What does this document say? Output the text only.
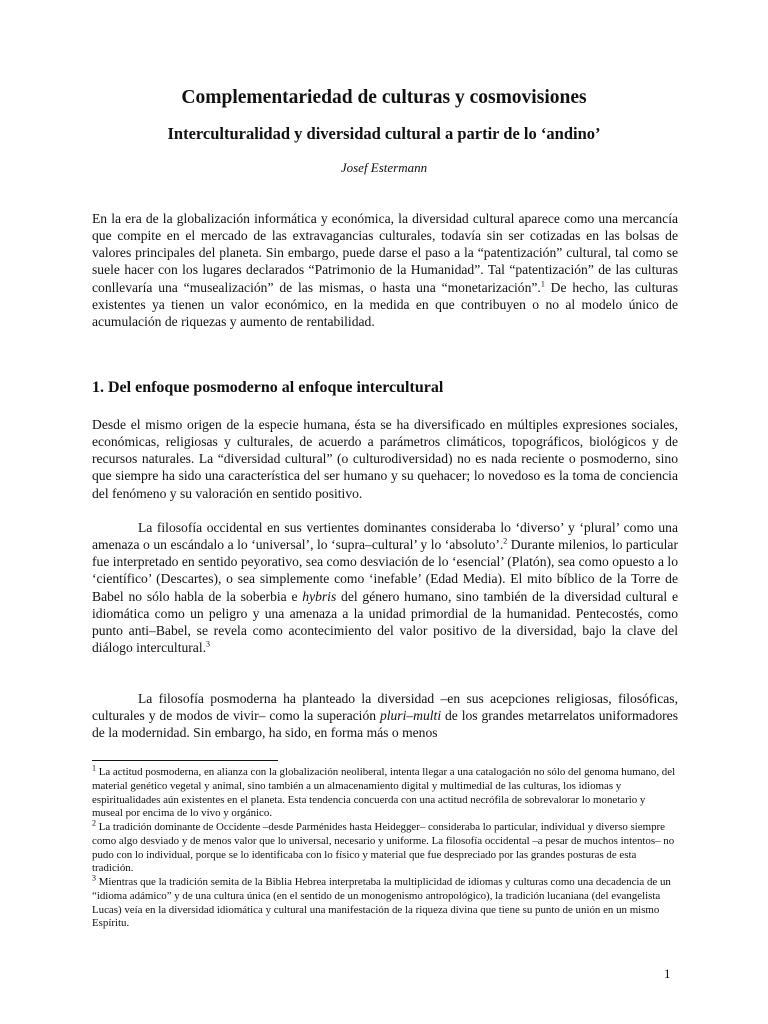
Complementariedad de culturas y cosmovisiones
Interculturalidad y diversidad cultural a partir de lo ‘andino’

Josef Estermann

En la era de la globalización informática y económica, la diversidad cultural aparece como una mercancía que compite en el mercado de las extravagancias culturales, todavía sin ser cotizadas en las bolsas de valores principales del planeta. Sin embargo, puede darse el paso a la “patentización” cultural, tal como se suele hacer con los lugares declarados “Patrimonio de la Humanidad”. Tal “patentización” de las culturas conllevaría una “musealización” de las mismas, o hasta una “monetarización”.$^1$ De hecho, las culturas existentes ya tienen un valor económico, en la medida en que contribuyen o no al modelo único de acumulación de riquezas y aumento de rentabilidad.

1. Del enfoque posmoderno al enfoque intercultural

Desde el mismo origen de la especie humana, ésta se ha diversificado en múltiples expresiones sociales, económicas, religiosas y culturales, de acuerdo a parámetros climáticos, topográficos, biológicos y de recursos naturales. La “diversidad cultural” (o culturodiversidad) no es nada reciente o posmoderno, sino que siempre ha sido una característica del ser humano y su quehacer; lo novedoso es la toma de conciencia del fenómeno y su valoración en sentido positivo.

La filosofía occidental en sus vertientes dominantes consideraba lo ‘diverso’ y ‘plural’ como una amenaza o un escándalo a lo ‘universal’, lo ‘supra–cultural’ y lo ‘absoluto’.$^2$ Durante milenios, lo particular fue interpretado en sentido peyorativo, sea como desviación de lo ‘esencial’ (Platón), sea como opuesto a lo ‘científico’ (Descartes), o sea simplemente como ‘inefable’ (Edad Media). El mito bíblico de la Torre de Babel no sólo habla de la soberbia e hybris del género humano, sino también de la diversidad cultural e idiomática como un peligro y una amenaza a la unidad primordial de la humanidad. Pentecostés, como punto anti–Babel, se revela como acontecimiento del valor positivo de la diversidad, bajo la clave del diálogo intercultural.$^3$

La filosofía posmoderna ha planteado la diversidad –en sus acepciones religiosas, filosóficas, culturales y de modos de vivir– como la superación pluri–multi de los grandes metarrelatos uniformadores de la modernidad. Sin embargo, ha sido, en forma más o menos

$^1$ La actitud posmoderna, en alianza con la globalización neoliberal, intenta llegar a una catalogación no sólo del genoma humano, del material genético vegetal y animal, sino también a un almacenamiento digital y multimedial de las culturas, los idiomas y espiritualidades aún existentes en el planeta. Esta tendencia concuerda con una actitud necrófila de sobrevalorar lo monetario y museal por encima de lo vivo y orgánico.

$^2$ La tradición dominante de Occidente –desde Parménides hasta Heidegger– consideraba lo particular, individual y diverso siempre como algo desviado y de menos valor que lo universal, necesario y uniforme. La filosofía occidental –a pesar de muchos intentos– no pudo con lo individual, porque se lo identificaba con lo físico y material que fue despreciado por las grandes posturas de esta tradición.

$^3$ Mientras que la tradición semita de la Biblia Hebrea interpretaba la multiplicidad de idiomas y culturas como una decadencia de un “idioma adámico” y de una cultura única (en el sentido de un monogenismo antropológico), la tradición lucaniana (del evangelista Lucas) veía en la diversidad idiomática y cultural una manifestación de la riqueza divina que tiene su punto de unión en un mismo Espíritu.

1
